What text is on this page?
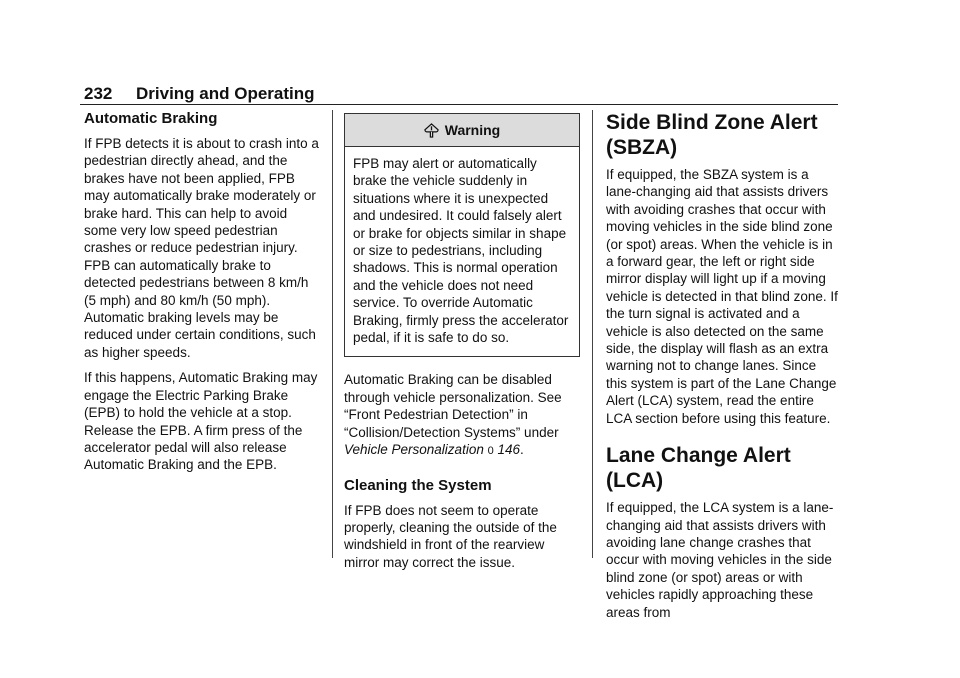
232 Driving and Operating
Automatic Braking

If FPB detects it is about to crash into a pedestrian directly ahead, and the brakes have not been applied, FPB may automatically brake moderately or brake hard. This can help to avoid some very low speed pedestrian crashes or reduce pedestrian injury. FPB can automatically brake to detected pedestrians between 8 km/h (5 mph) and 80 km/h (50 mph). Automatic braking levels may be reduced under certain conditions, such as higher speeds.

If this happens, Automatic Braking may engage the Electric Parking Brake (EPB) to hold the vehicle at a stop. Release the EPB. A firm press of the accelerator pedal will also release Automatic Braking and the EPB.

Warning
FPB may alert or automatically brake the vehicle suddenly in situations where it is unexpected and undesired. It could falsely alert or brake for objects similar in shape or size to pedestrians, including shadows. This is normal operation and the vehicle does not need service. To override Automatic Braking, firmly press the accelerator pedal, if it is safe to do so.

Automatic Braking can be disabled through vehicle personalization. See “Front Pedestrian Detection” in “Collision/Detection Systems” under Vehicle Personalization 0 146.

Cleaning the System

If FPB does not seem to operate properly, cleaning the outside of the windshield in front of the rearview mirror may correct the issue.

Side Blind Zone Alert (SBZA)

If equipped, the SBZA system is a lane-changing aid that assists drivers with avoiding crashes that occur with moving vehicles in the side blind zone (or spot) areas. When the vehicle is in a forward gear, the left or right side mirror display will light up if a moving vehicle is detected in that blind zone. If the turn signal is activated and a vehicle is also detected on the same side, the display will flash as an extra warning not to change lanes. Since this system is part of the Lane Change Alert (LCA) system, read the entire LCA section before using this feature.

Lane Change Alert (LCA)

If equipped, the LCA system is a lane-changing aid that assists drivers with avoiding lane change crashes that occur with moving vehicles in the side blind zone (or spot) areas or with vehicles rapidly approaching these areas from
